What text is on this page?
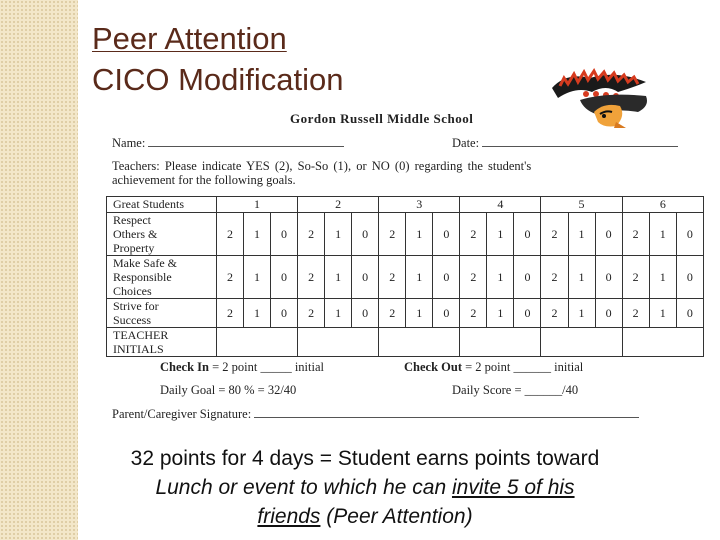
Peer Attention
CICO Modification
Gordon Russell Middle School
Name:	Date:
Teachers: Please indicate YES (2), So-So (1), or NO (0) regarding the student's
achievement for the following goals.
Great Students	1			2			3			4			5			6		

Respect
Others &
Property	2	1	0	2	1	0	2	1	0	2	1	0	2	1	0	2	1	0

Make Safe &
Responsible
Choices	2	1	0	2	1	0	2	1	0	2	1	0	2	1	0	2	1	0

Strive for
Success	2	1	0	2	1	0	2	1	0	2	1	0	2	1	0	2	1	0

TEACHER
INITIALS																		

Check In = 2 point _____ initial	Check Out = 2 point ______ initial
Daily Goal = 80 % = 32/40	Daily Score = ______/40
Parent/Caregiver Signature:
32 points for 4 days = Student earns points toward
Lunch or event to which he can invite 5 of his
friends (Peer Attention)
